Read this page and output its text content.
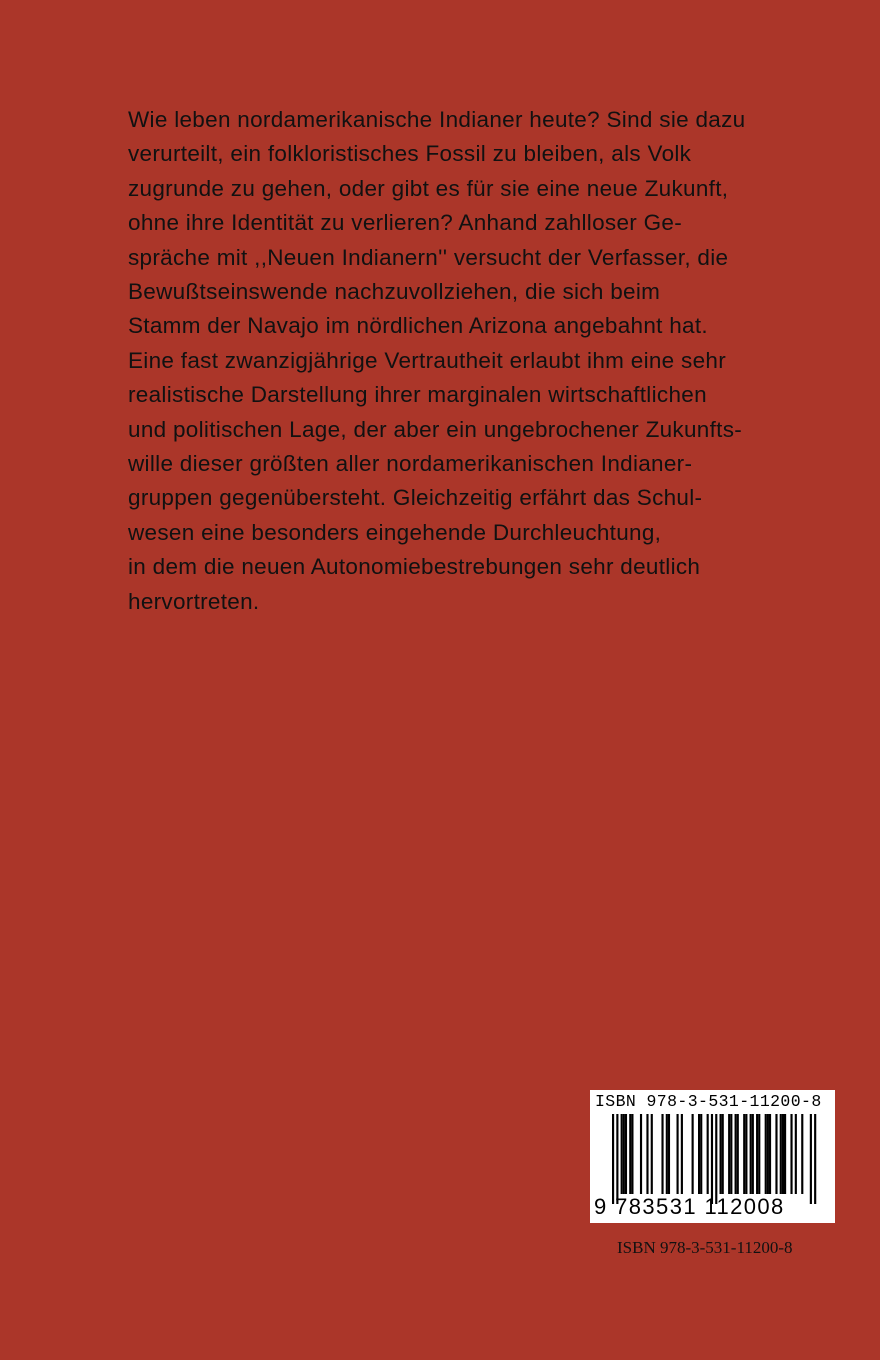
Wie leben nordamerikanische Indianer heute? Sind sie dazu
verurteilt, ein folkloristisches Fossil zu bleiben, als Volk
zugrunde zu gehen, oder gibt es für sie eine neue Zukunft,
ohne ihre Identität zu verlieren? Anhand zahlloser Ge-
spräche mit ,,Neuen Indianern'' versucht der Verfasser, die
Bewußtseinswende nachzuvollziehen, die sich beim
Stamm der Navajo im nördlichen Arizona angebahnt hat.
Eine fast zwanzigjährige Vertrautheit erlaubt ihm eine sehr
realistische Darstellung ihrer marginalen wirtschaftlichen
und politischen Lage, der aber ein ungebrochener Zukunfts-
wille dieser größten aller nordamerikanischen Indianer-
gruppen gegenübersteht. Gleichzeitig erfährt das Schul-
wesen eine besonders eingehende Durchleuchtung,
in dem die neuen Autonomiebestrebungen sehr deutlich
hervortreten.
ISBN 978-3-531-11200-8
9 783531 112008
ISBN 978-3-531-11200-8
